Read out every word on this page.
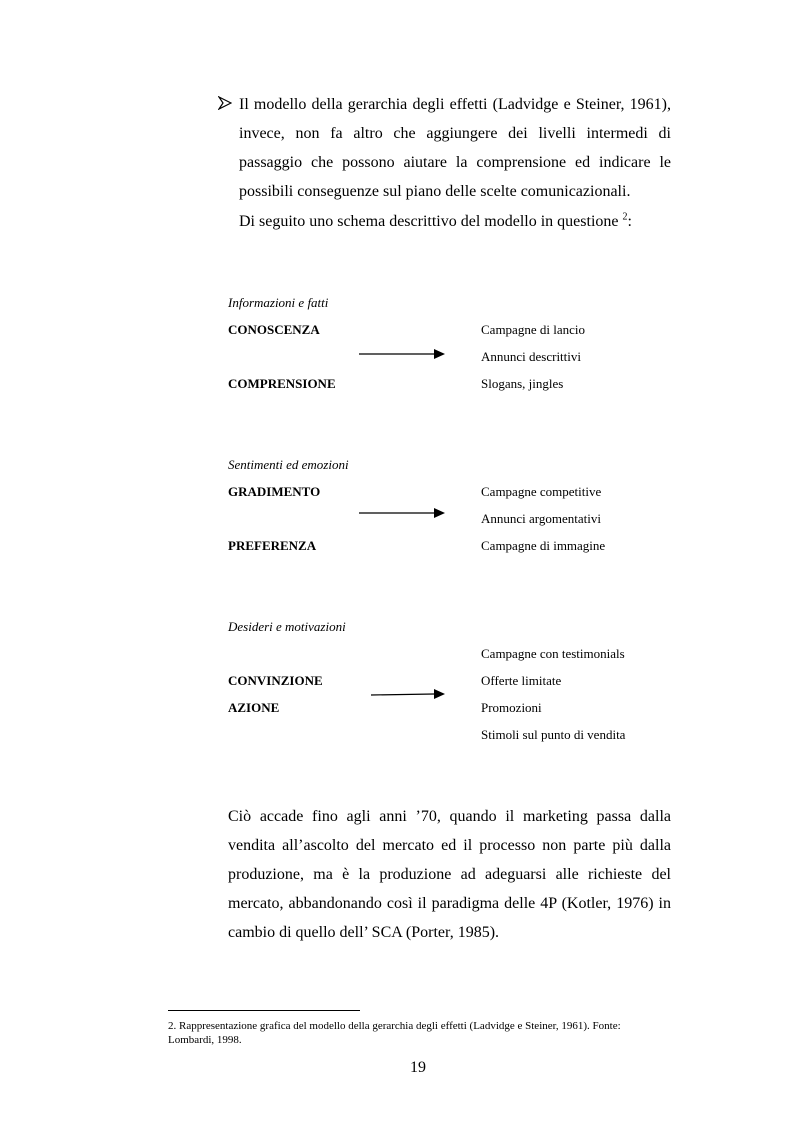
Il modello della gerarchia degli effetti (Ladvidge e Steiner, 1961), invece, non fa altro che aggiungere dei livelli intermedi di passaggio che possono aiutare la comprensione ed indicare le possibili conseguenze sul piano delle scelte comunicazionali.
Di seguito uno schema descrittivo del modello in questione $^2$:
Informazioni e fatti
CONOSCENZA
COMPRENSIONE
Campagne di lancio
Annunci descrittivi
Slogans, jingles
Sentimenti ed emozioni
GRADIMENTO
PREFERENZA
Campagne competitive
Annunci argomentativi
Campagne di immagine
Desideri e motivazioni
CONVINZIONE
AZIONE
Campagne con testimonials
Offerte limitate
Promozioni
Stimoli sul punto di vendita
Ciò accade fino agli anni ’70, quando il marketing passa dalla vendita all’ascolto del mercato ed il processo non parte più dalla produzione, ma è la produzione ad adeguarsi alle richieste del mercato, abbandonando così il paradigma delle 4P (Kotler, 1976) in cambio di quello dell’ SCA (Porter, 1985).
2. Rappresentazione grafica del modello della gerarchia degli effetti (Ladvidge e Steiner, 1961). Fonte: Lombardi, 1998.
19
